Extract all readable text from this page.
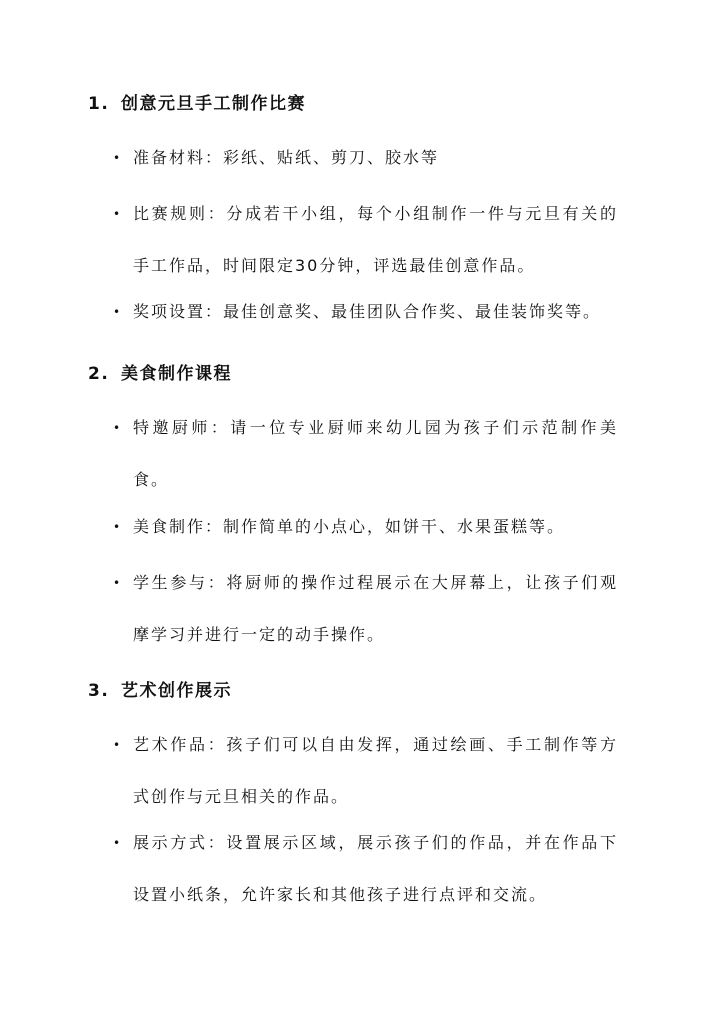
1. 创意元旦手工制作比赛
• 准备材料：彩纸、贴纸、剪刀、胶水等
• 比赛规则：分成若干小组，每个小组制作一件与元旦有关的手工作品，时间限定30分钟，评选最佳创意作品。
• 奖项设置：最佳创意奖、最佳团队合作奖、最佳装饰奖等。
2. 美食制作课程
• 特邀厨师：请一位专业厨师来幼儿园为孩子们示范制作美食。
• 美食制作：制作简单的小点心，如饼干、水果蛋糕等。
• 学生参与：将厨师的操作过程展示在大屏幕上，让孩子们观摩学习并进行一定的动手操作。
3. 艺术创作展示
• 艺术作品：孩子们可以自由发挥，通过绘画、手工制作等方式创作与元旦相关的作品。
• 展示方式：设置展示区域，展示孩子们的作品，并在作品下设置小纸条，允许家长和其他孩子进行点评和交流。
